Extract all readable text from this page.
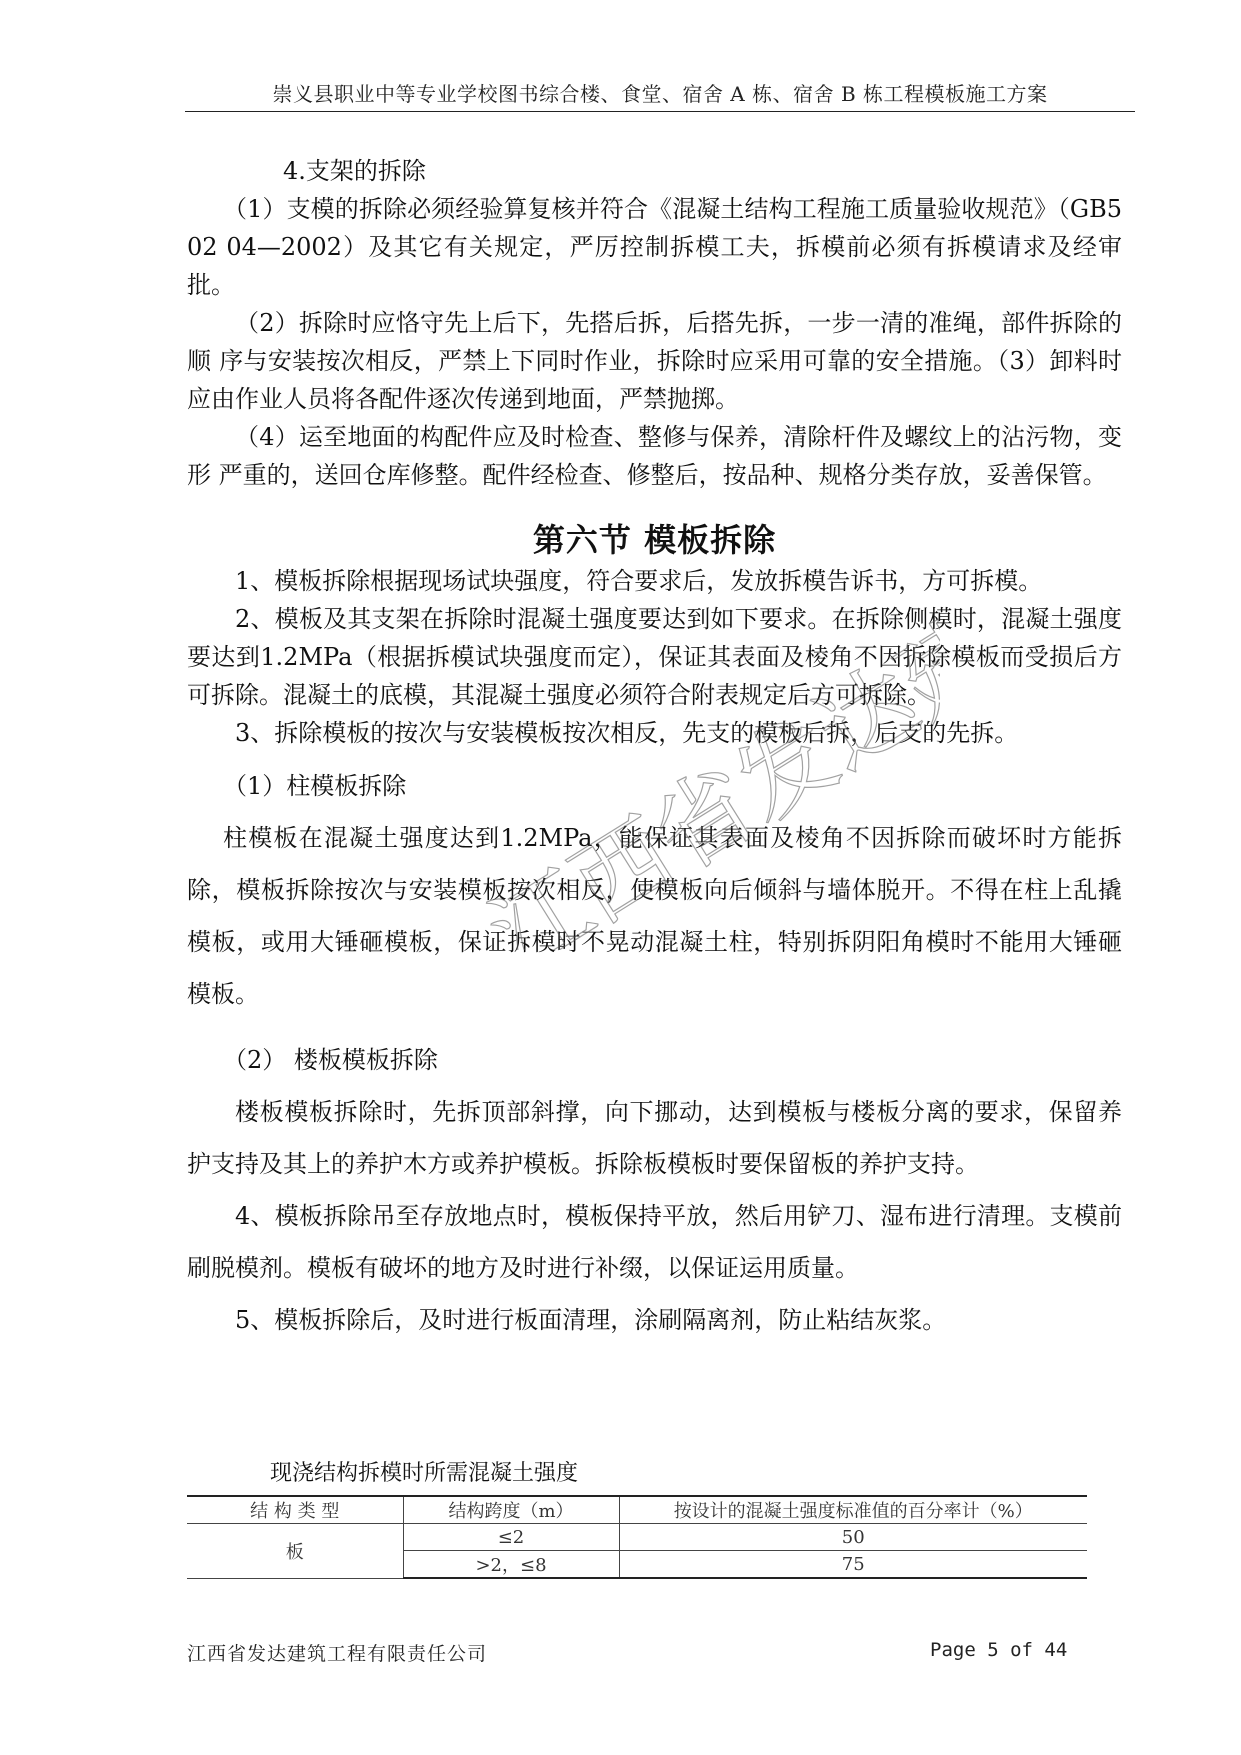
崇义县职业中等专业学校图书综合楼、食堂、宿舍 A 栋、宿舍 B 栋工程模板施工方案

4.支架的拆除

（1）支模的拆除必须经验算复核并符合《混凝土结构工程施工质量验收规范》（GB502 04—2002）及其它有关规定，严厉控制拆模工夫，拆模前必须有拆模请求及经审批。

（2）拆除时应恪守先上后下，先搭后拆，后搭先拆，一步一清的准绳，部件拆除的顺 序与安装按次相反，严禁上下同时作业，拆除时应采用可靠的安全措施。（3）卸料时应由作业人员将各配件逐次传递到地面，严禁抛掷。

（4）运至地面的构配件应及时检查、整修与保养，清除杆件及螺纹上的沾污物，变形 严重的，送回仓库修整。配件经检查、修整后，按品种、规格分类存放，妥善保管。

第六节 模板拆除

1、模板拆除根据现场试块强度，符合要求后，发放拆模告诉书，方可拆模。

2、模板及其支架在拆除时混凝土强度要达到如下要求。在拆除侧模时，混凝土强度要达到1.2MPa（根据拆模试块强度而定），保证其表面及棱角不因拆除模板而受损后方可拆除。混凝土的底模，其混凝土强度必须符合附表规定后方可拆除。

3、拆除模板的按次与安装模板按次相反，先支的模板后拆，后支的先拆。

（1）柱模板拆除

柱模板在混凝土强度达到1.2MPa，能保证其表面及棱角不因拆除而破坏时方能拆除，模板拆除按次与安装模板按次相反，使模板向后倾斜与墙体脱开。不得在柱上乱撬模板，或用大锤砸模板，保证拆模时不晃动混凝土柱，特别拆阴阳角模时不能用大锤砸模板。

（2） 楼板模板拆除

楼板模板拆除时，先拆顶部斜撑，向下挪动，达到模板与楼板分离的要求，保留养护支持及其上的养护木方或养护模板。拆除板模板时要保留板的养护支持。

4、模板拆除吊至存放地点时，模板保持平放，然后用铲刀、湿布进行清理。支模前刷脱模剂。模板有破坏的地方及时进行补缀，以保证运用质量。

5、模板拆除后，及时进行板面清理，涂刷隔离剂，防止粘结灰浆。

现浇结构拆模时所需混凝土强度
结 构 类 型	结构跨度（m）	按设计的混凝土强度标准值的百分率计（%）
板	≤2	50
	>2，≤8	75
江西省发达建筑工程有限责任公司	Page 5 of 44
江西省发达建筑
